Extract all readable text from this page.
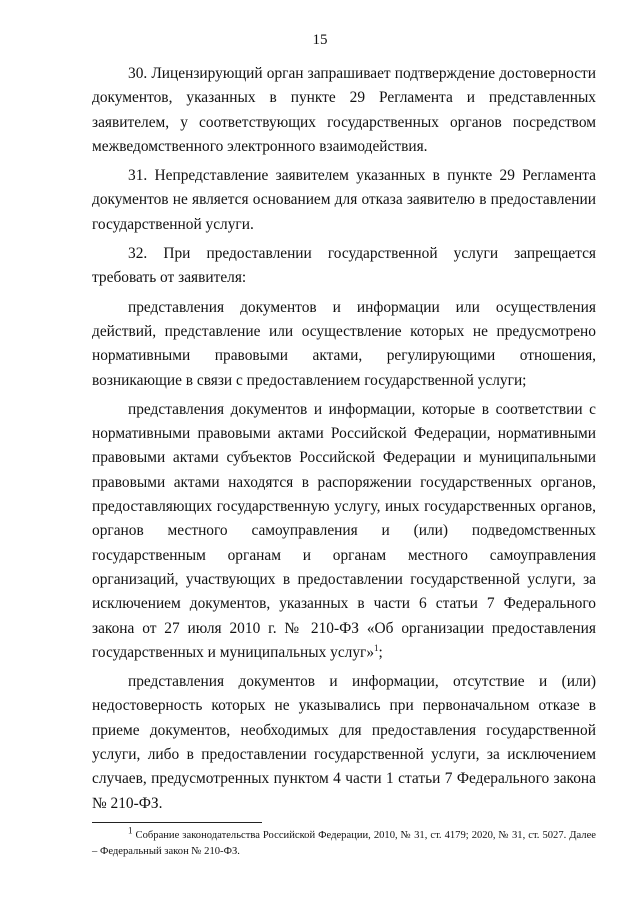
15

30. Лицензирующий орган запрашивает подтверждение достоверности документов, указанных в пункте 29 Регламента и представленных заявителем, у соответствующих государственных органов посредством межведомственного электронного взаимодействия.

31. Непредставление заявителем указанных в пункте 29 Регламента документов не является основанием для отказа заявителю в предоставлении государственной услуги.

32. При предоставлении государственной услуги запрещается требовать от заявителя:

представления документов и информации или осуществления действий, представление или осуществление которых не предусмотрено нормативными правовыми актами, регулирующими отношения, возникающие в связи с предоставлением государственной услуги;

представления документов и информации, которые в соответствии с нормативными правовыми актами Российской Федерации, нормативными правовыми актами субъектов Российской Федерации и муниципальными правовыми актами находятся в распоряжении государственных органов, предоставляющих государственную услугу, иных государственных органов, органов местного самоуправления и (или) подведомственных государственным органам и органам местного самоуправления организаций, участвующих в предоставлении государственной услуги, за исключением документов, указанных в части 6 статьи 7 Федерального закона от 27 июля 2010 г. № 210-ФЗ «Об организации предоставления государственных и муниципальных услуг»$^1$;

представления документов и информации, отсутствие и (или) недостоверность которых не указывались при первоначальном отказе в приеме документов, необходимых для предоставления государственной услуги, либо в предоставлении государственной услуги, за исключением случаев, предусмотренных пунктом 4 части 1 статьи 7 Федерального закона № 210-ФЗ.

$^1$ Собрание законодательства Российской Федерации, 2010, № 31, ст. 4179; 2020, № 31, ст. 5027. Далее – Федеральный закон № 210-ФЗ.
